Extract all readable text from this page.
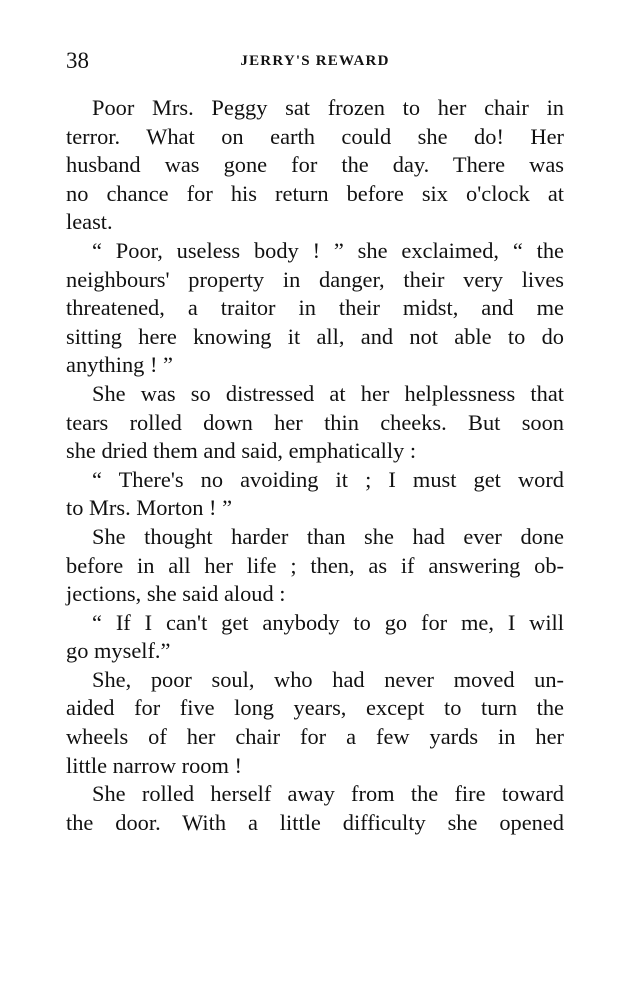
38	JERRY'S REWARD

Poor Mrs. Peggy sat frozen to her chair in
terror. What on earth could she do! Her
husband was gone for the day. There was
no chance for his return before six o'clock at
least.

“ Poor, useless body ! ” she exclaimed, “ the
neighbours' property in danger, their very lives
threatened, a traitor in their midst, and me
sitting here knowing it all, and not able to do
anything ! ”

She was so distressed at her helplessness that
tears rolled down her thin cheeks. But soon
she dried them and said, emphatically :

“ There's no avoiding it ; I must get word
to Mrs. Morton ! ”

She thought harder than she had ever done
before in all her life ; then, as if answering ob-
jections, she said aloud :

“ If I can't get anybody to go for me, I will
go myself.”

She, poor soul, who had never moved un-
aided for five long years, except to turn the
wheels of her chair for a few yards in her
little narrow room !

She rolled herself away from the fire toward
the door. With a little difficulty she opened
